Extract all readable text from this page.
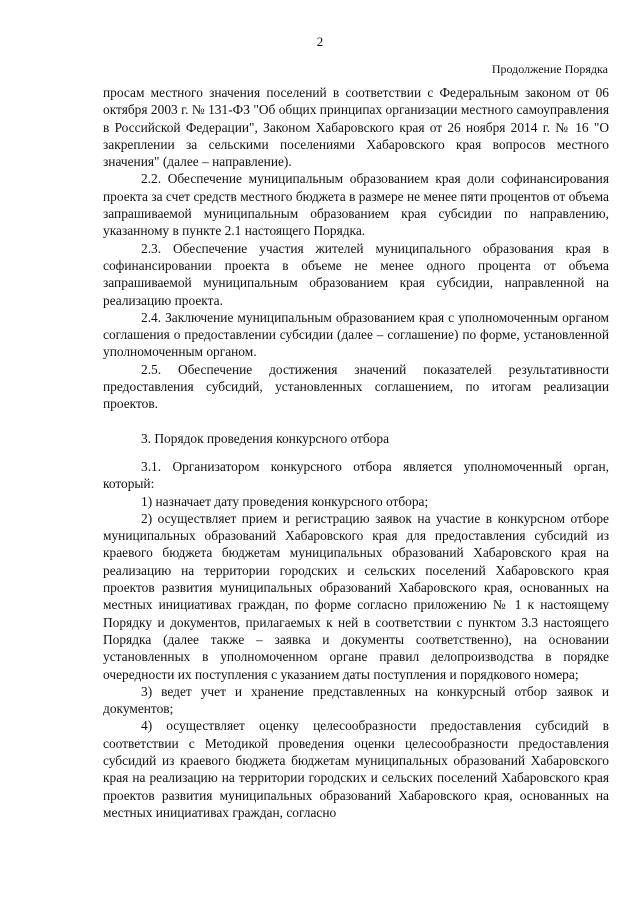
2
Продолжение Порядка

просам местного значения поселений в соответствии с Федеральным законом от 06 октября 2003 г. № 131-ФЗ "Об общих принципах организации местного самоуправления в Российской Федерации", Законом Хабаровского края от 26 ноября 2014 г. № 16 "О закреплении за сельскими поселениями Хабаровского края вопросов местного значения" (далее – направление).

2.2. Обеспечение муниципальным образованием края доли софинансирования проекта за счет средств местного бюджета в размере не менее пяти процентов от объема запрашиваемой муниципальным образованием края субсидии по направлению, указанному в пункте 2.1 настоящего Порядка.

2.3. Обеспечение участия жителей муниципального образования края в софинансировании проекта в объеме не менее одного процента от объема запрашиваемой муниципальным образованием края субсидии, направленной на реализацию проекта.

2.4. Заключение муниципальным образованием края с уполномоченным органом соглашения о предоставлении субсидии (далее – соглашение) по форме, установленной уполномоченным органом.

2.5. Обеспечение достижения значений показателей результативности предоставления субсидий, установленных соглашением, по итогам реализации проектов.

3. Порядок проведения конкурсного отбора

3.1. Организатором конкурсного отбора является уполномоченный орган, который:

1) назначает дату проведения конкурсного отбора;

2) осуществляет прием и регистрацию заявок на участие в конкурсном отборе муниципальных образований Хабаровского края для предоставления субсидий из краевого бюджета бюджетам муниципальных образований Хабаровского края на реализацию на территории городских и сельских поселений Хабаровского края проектов развития муниципальных образований Хабаровского края, основанных на местных инициативах граждан, по форме согласно приложению № 1 к настоящему Порядку и документов, прилагаемых к ней в соответствии с пунктом 3.3 настоящего Порядка (далее также – заявка и документы соответственно), на основании установленных в уполномоченном органе правил делопроизводства в порядке очередности их поступления с указанием даты поступления и порядкового номера;

3) ведет учет и хранение представленных на конкурсный отбор заявок и документов;

4) осуществляет оценку целесообразности предоставления субсидий в соответствии с Методикой проведения оценки целесообразности предоставления субсидий из краевого бюджета бюджетам муниципальных образований Хабаровского края на реализацию на территории городских и сельских поселений Хабаровского края проектов развития муниципальных образований Хабаровского края, основанных на местных инициативах граждан, согласно
